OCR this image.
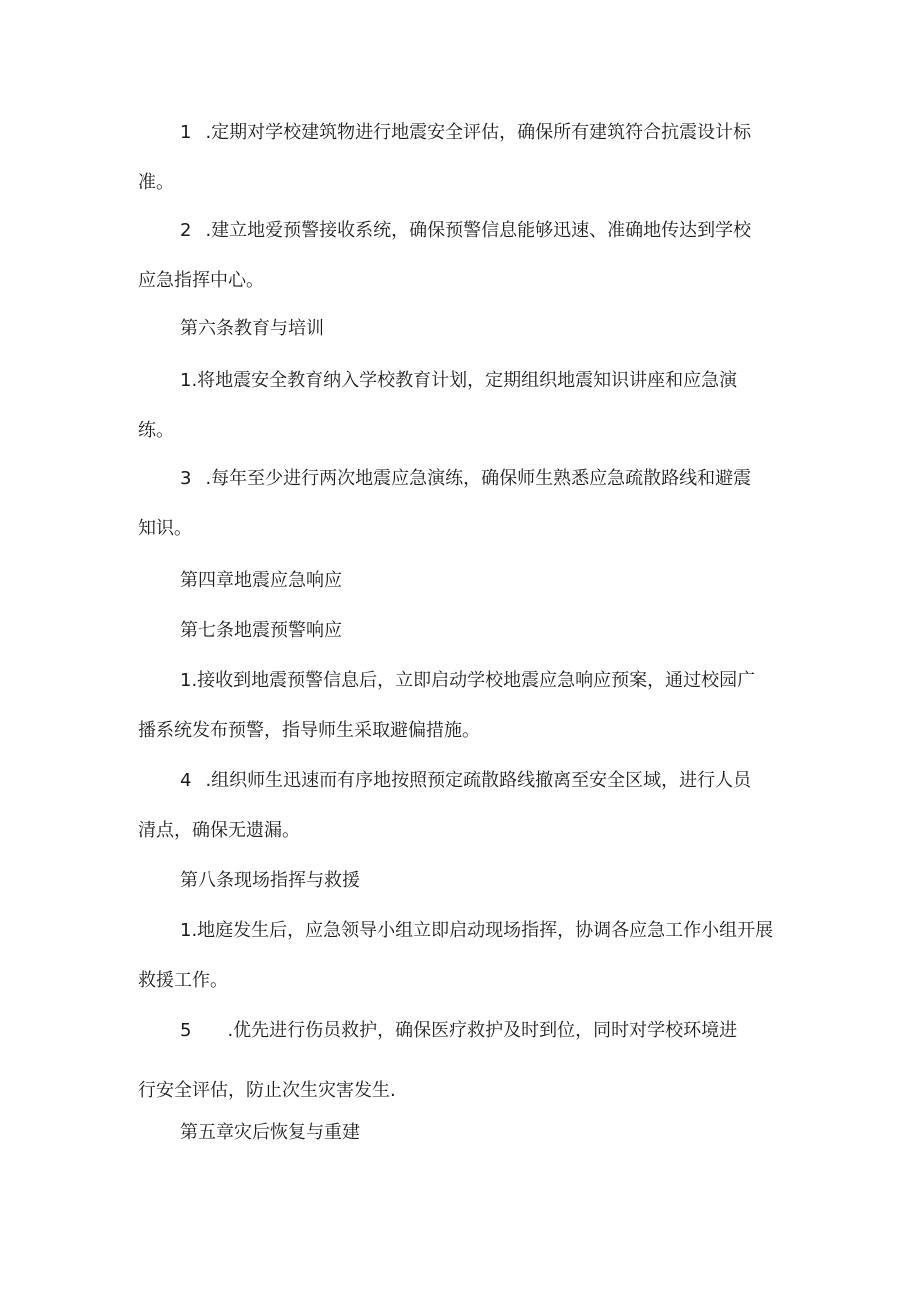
1 .定期对学校建筑物进行地震安全评估，确保所有建筑符合抗震设计标
准。
2 .建立地爱预警接收系统，确保预警信息能够迅速、准确地传达到学校
应急指挥中心。
第六条教育与培训
1.将地震安全教育纳入学校教育计划，定期组织地震知识讲座和应急演
练。
3 .每年至少进行两次地震应急演练，确保师生熟悉应急疏散路线和避震
知识。
第四章地震应急响应
第七条地震预警响应
1.接收到地震预警信息后，立即启动学校地震应急响应预案，通过校园广
播系统发布预警，指导师生采取避偏措施。
4 .组织师生迅速而有序地按照预定疏散路线撤离至安全区域，进行人员
清点，确保无遗漏。
第八条现场指挥与救援
1.地庭发生后，应急领导小组立即启动现场指挥，协调各应急工作小组开展
救援工作。
5 .优先进行伤员救护，确保医疗救护及时到位，同时对学校环境进
行安全评估，防止次生灾害发生.
第五章灾后恢复与重建
